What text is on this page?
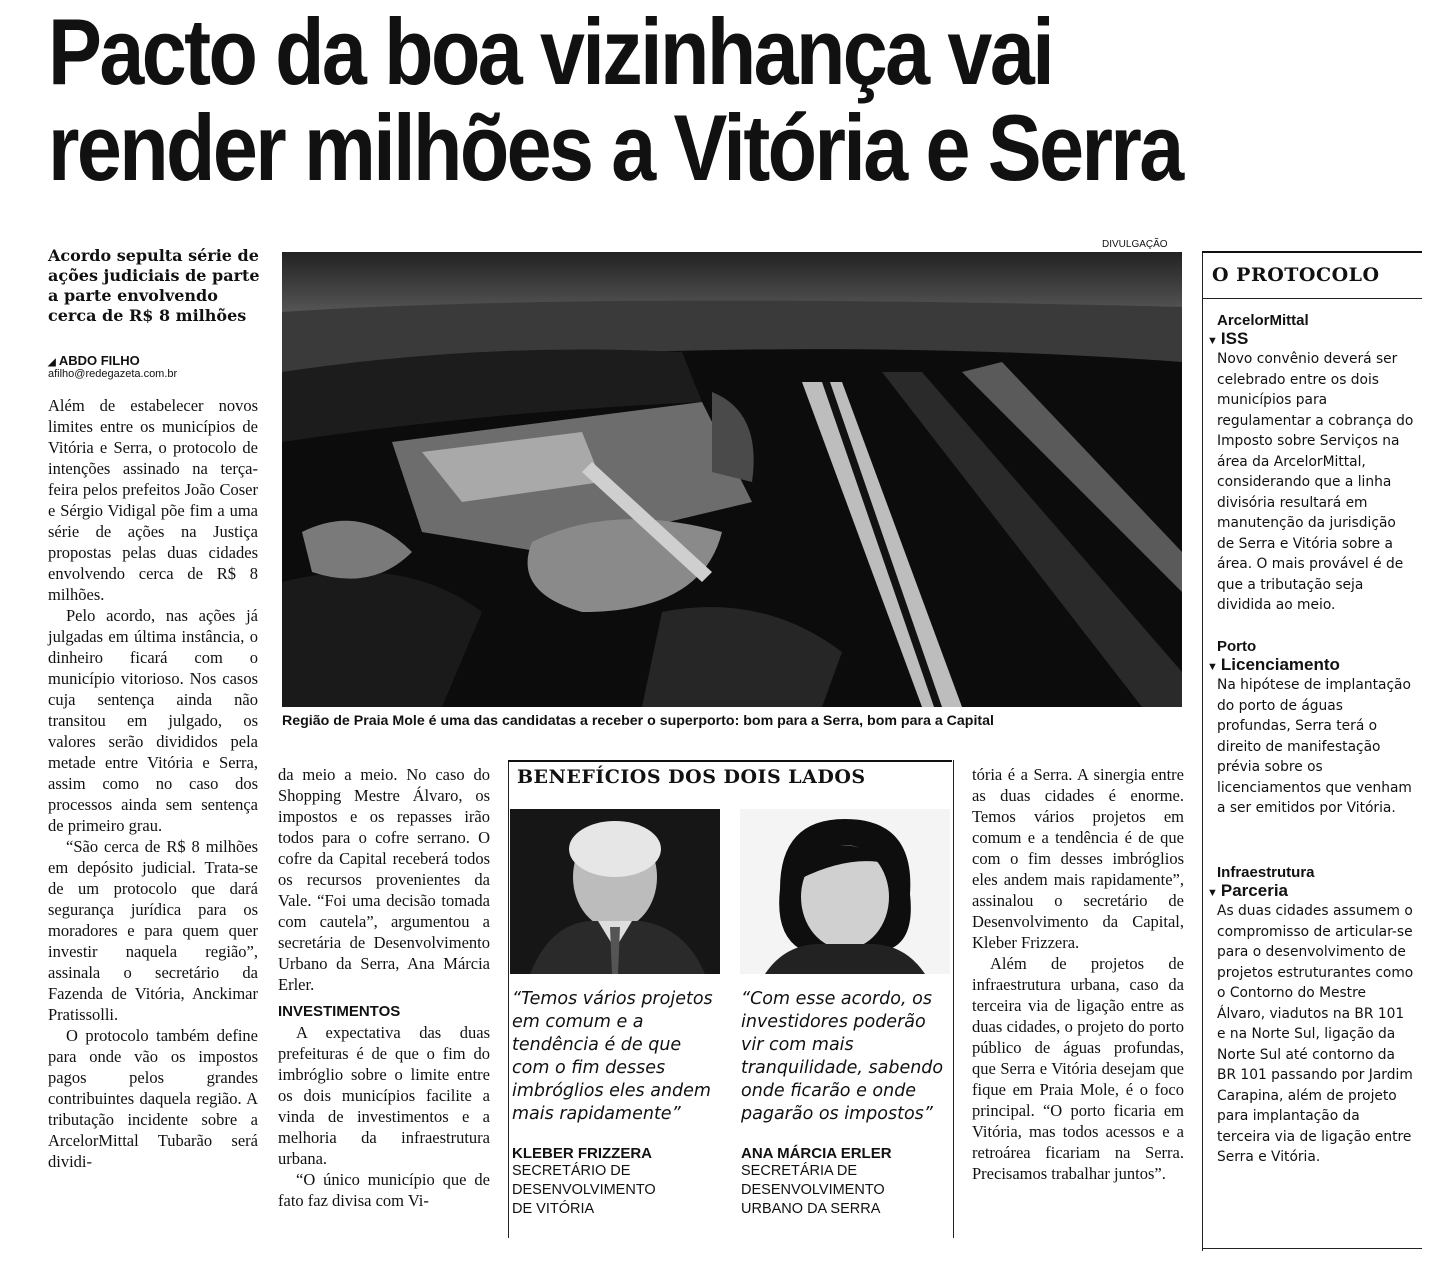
Pacto da boa vizinhança vai
render milhões a Vitória e Serra
Acordo sepulta série de ações judiciais de parte a parte envolvendo cerca de R$ 8 milhões
◢ ABDO FILHO
afilho@redegazeta.com.br

Além de estabelecer novos limites entre os municípios de Vitória e Serra, o protocolo de intenções assinado na terça-feira pelos prefeitos João Coser e Sérgio Vidigal põe fim a uma série de ações na Justiça propostas pelas duas cidades envolvendo cerca de R$ 8 milhões.

Pelo acordo, nas ações já julgadas em última instância, o dinheiro ficará com o município vitorioso. Nos casos cuja sentença ainda não transitou em julgado, os valores serão divididos pela metade entre Vitória e Serra, assim como no caso dos processos ainda sem sentença de primeiro grau.

“São cerca de R$ 8 milhões em depósito judicial. Trata-se de um protocolo que dará segurança jurídica para os moradores e para quem quer investir naquela região”, assinala o secretário da Fazenda de Vitória, Anckimar Pratissolli.

O protocolo também define para onde vão os impostos pagos pelos grandes contribuintes daquela região. A tributação incidente sobre a ArcelorMittal Tubarão será dividi-

DIVULGAÇÃO
Região de Praia Mole é uma das candidatas a receber o superporto: bom para a Serra, bom para a Capital

da meio a meio. No caso do Shopping Mestre Álvaro, os impostos e os repasses irão todos para o cofre serrano. O cofre da Capital receberá todos os recursos provenientes da Vale. “Foi uma decisão tomada com cautela”, argumentou a secretária de Desenvolvimento Urbano da Serra, Ana Márcia Erler.

INVESTIMENTOS

A expectativa das duas prefeituras é de que o fim do imbróglio sobre o limite entre os dois municípios facilite a vinda de investimentos e a melhoria da infraestrutura urbana.

“O único município que de fato faz divisa com Vi-

BENEFÍCIOS DOS DOIS LADOS
“Temos vários projetos em comum e a tendência é de que com o fim desses imbróglios eles andem mais rapidamente”
KLEBER FRIZZERA
SECRETÁRIO DE
DESENVOLVIMENTO
DE VITÓRIA
“Com esse acordo, os investidores poderão vir com mais tranquilidade, sabendo onde ficarão e onde pagarão os impostos”
ANA MÁRCIA ERLER
SECRETÁRIA DE
DESENVOLVIMENTO
URBANO DA SERRA

tória é a Serra. A sinergia entre as duas cidades é enorme. Temos vários projetos em comum e a tendência é de que com o fim desses imbróglios eles andem mais rapidamente”, assinalou o secretário de Desenvolvimento da Capital, Kleber Frizzera.

Além de projetos de infraestrutura urbana, caso da terceira via de ligação entre as duas cidades, o projeto do porto público de águas profundas, que Serra e Vitória desejam que fique em Praia Mole, é o foco principal. “O porto ficaria em Vitória, mas todos acessos e a retroárea ficariam na Serra. Precisamos trabalhar juntos”.

O PROTOCOLO
ArcelorMittal
▼ ISS
Novo convênio deverá ser celebrado entre os dois municípios para regulamentar a cobrança do Imposto sobre Serviços na área da ArcelorMittal, considerando que a linha divisória resultará em manutenção da jurisdição de Serra e Vitória sobre a área. O mais provável é de que a tributação seja dividida ao meio.
Porto
▼ Licenciamento
Na hipótese de implantação do porto de águas profundas, Serra terá o direito de manifestação prévia sobre os licenciamentos que venham a ser emitidos por Vitória.
Infraestrutura
▼ Parceria
As duas cidades assumem o compromisso de articular-se para o desenvolvimento de projetos estruturantes como o Contorno do Mestre Álvaro, viadutos na BR 101 e na Norte Sul, ligação da Norte Sul até contorno da BR 101 passando por Jardim Carapina, além de projeto para implantação da terceira via de ligação entre Serra e Vitória.
